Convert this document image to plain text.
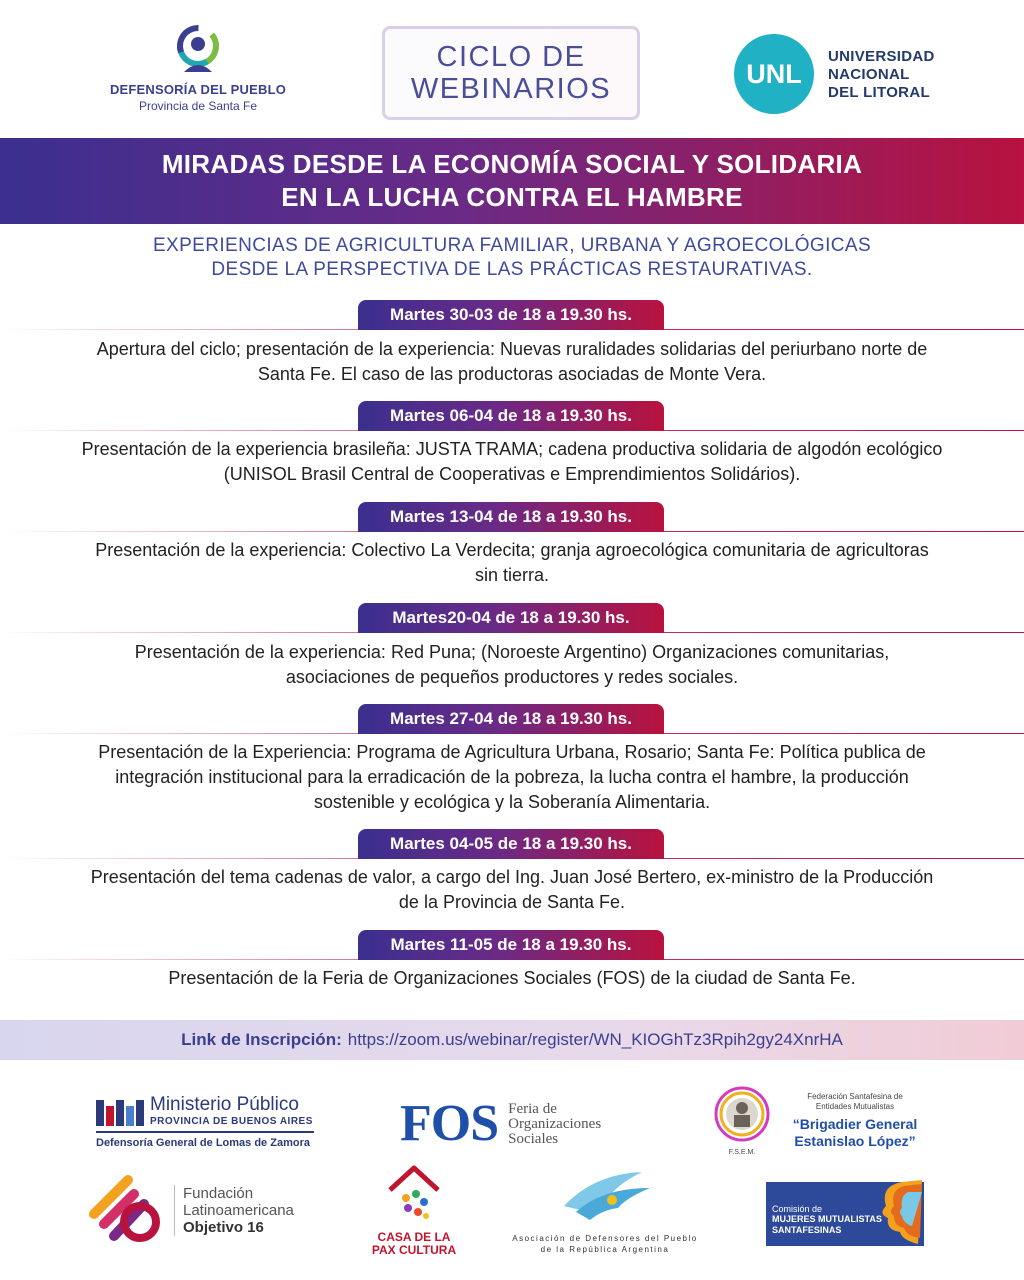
DEFENSORÍA DEL PUEBLO
Provincia de Santa Fe
CICLO DE
WEBINARIOS	UNL
UNIVERSIDAD
NACIONAL
DEL LITORAL
MIRADAS DESDE LA ECONOMÍA SOCIAL Y SOLIDARIA
EN LA LUCHA CONTRA EL HAMBRE
EXPERIENCIAS DE AGRICULTURA FAMILIAR, URBANA Y AGROECOLÓGICAS
DESDE LA PERSPECTIVA DE LAS PRÁCTICAS RESTAURATIVAS.
Martes 30-03 de 18 a 19.30 hs.
Apertura del ciclo; presentación de la experiencia: Nuevas ruralidades solidarias del periurbano norte de
Santa Fe. El caso de las productoras asociadas de Monte Vera.
Martes 06-04 de 18 a 19.30 hs.
Presentación de la experiencia brasileña: JUSTA TRAMA; cadena productiva solidaria de algodón ecológico
(UNISOL Brasil Central de Cooperativas e Emprendimientos Solidários).
Martes 13-04 de 18 a 19.30 hs.
Presentación de la experiencia: Colectivo La Verdecita; granja agroecológica comunitaria de agricultoras
sin tierra.
Martes20-04 de 18 a 19.30 hs.
Presentación de la experiencia: Red Puna; (Noroeste Argentino) Organizaciones comunitarias,
asociaciones de pequeños productores y redes sociales.
Martes 27-04 de 18 a 19.30 hs.
Presentación de la Experiencia: Programa de Agricultura Urbana, Rosario; Santa Fe: Política publica de
integración institucional para la erradicación de la pobreza, la lucha contra el hambre, la producción
sostenible y ecológica y la Soberanía Alimentaria.
Martes 04-05 de 18 a 19.30 hs.
Presentación del tema cadenas de valor, a cargo del Ing. Juan José Bertero, ex-ministro de la Producción
de la Provincia de Santa Fe.
Martes 11-05 de 18 a 19.30 hs.
Presentación de la Feria de Organizaciones Sociales (FOS) de la ciudad de Santa Fe.
Link de Inscripción: https://zoom.us/webinar/register/WN_KIOGhTz3Rpih2gy24XnrHA
Ministerio Público
PROVINCIA DE BUENOS AIRES
Defensoría General de Lomas de Zamora FOS Feria de
Organizaciones
Sociales
F.S.E.M.
Federación Santafesina de
Entidades Mutualistas
“Brigadier General
Estanislao López”
Fundación
Latinoamericana
Objetivo 16
CASA DE LA
PAX CULTURA
Asociación de Defensores del Pueblo
de la República Argentina
Comisión de
MUJERES MUTUALISTAS
SANTAFESINAS
